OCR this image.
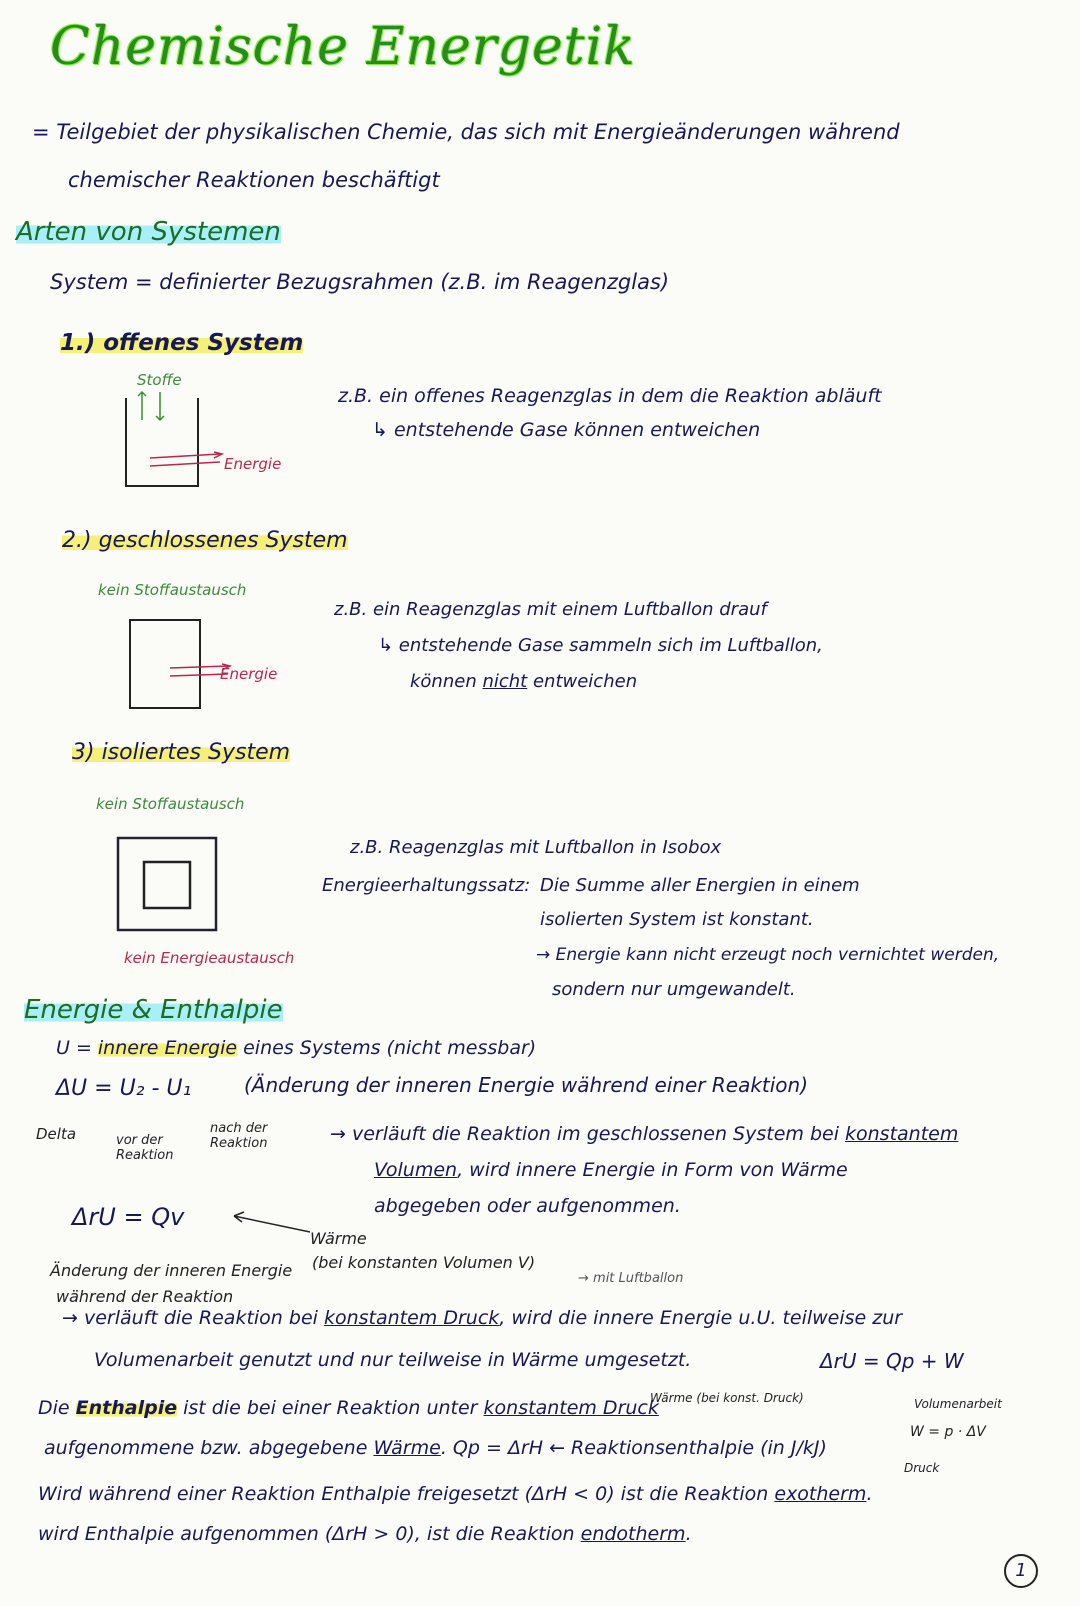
Chemische Energetik
= Teilgebiet der physikalischen Chemie, das sich mit Energieänderungen während
chemischer Reaktionen beschäftigt
Arten von Systemen
System = definierter Bezugsrahmen (z.B. im Reagenzglas)
1.) offenes System
Stoffe
Energie
z.B. ein offenes Reagenzglas in dem die Reaktion abläuft
↳ entstehende Gase können entweichen
2.) geschlossenes System
kein Stoffaustausch
Energie
z.B. ein Reagenzglas mit einem Luftballon drauf
↳ entstehende Gase sammeln sich im Luftballon,
können nicht entweichen
3) isoliertes System
kein Stoffaustausch
kein Energieaustausch
z.B. Reagenzglas mit Luftballon in Isobox
Energieerhaltungssatz: Die Summe aller Energien in einem
isolierten System ist konstant.
→ Energie kann nicht erzeugt noch vernichtet werden,
sondern nur umgewandelt.
Energie & Enthalpie
U = innere Energie eines Systems (nicht messbar)
ΔU = U₂ - U₁	(Änderung der inneren Energie während einer Reaktion)
Delta	vor der Reaktion
nach der Reaktion	→ verläuft die Reaktion im geschlossenen System bei konstantem
Volumen, wird innere Energie in Form von Wärme
abgegeben oder aufgenommen.
ΔrU = Qv
Wärme
(bei konstanten Volumen V)
Änderung der inneren Energie
während der Reaktion
→ mit Luftballon
→ verläuft die Reaktion bei konstantem Druck, wird die innere Energie u.U. teilweise zur
Volumenarbeit genutzt und nur teilweise in Wärme umgesetzt.	ΔrU = Qp + W
Wärme (bei konst. Druck)	Volumenarbeit
W = p · ΔV
Druck
Die Enthalpie ist die bei einer Reaktion unter konstantem Druck
aufgenommene bzw. abgegebene Wärme. Qp = ΔrH ← Reaktionsenthalpie (in J/kJ)
Wird während einer Reaktion Enthalpie freigesetzt (ΔrH < 0) ist die Reaktion exotherm.
wird Enthalpie aufgenommen (ΔrH > 0), ist die Reaktion endotherm.
1
